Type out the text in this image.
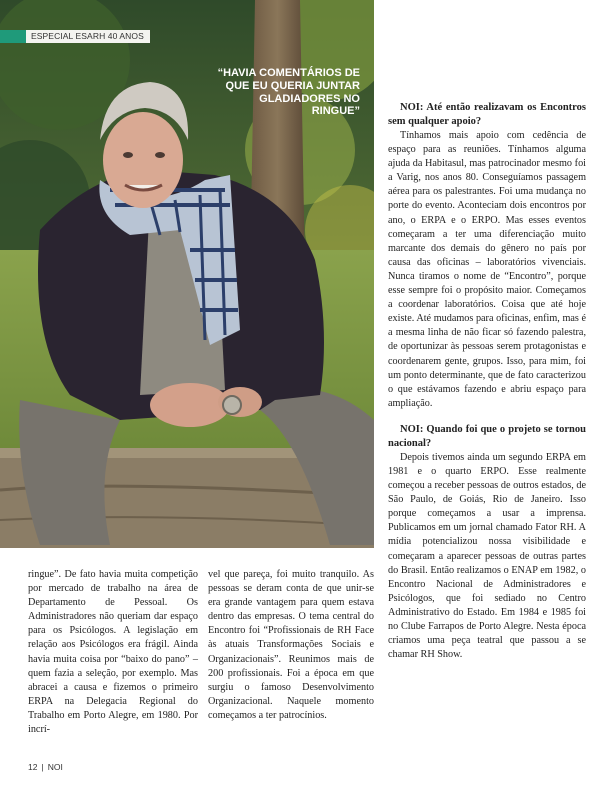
ESPECIAL ESARH 40 ANOS
“HAVIA COMENTÁRIOS DE QUE EU QUERIA JUNTAR GLADIADORES NO RINGUE”	NOI: Até então realizavam os Encontros sem qualquer apoio?

Tínhamos mais apoio com cedência de espaço para as reuniões. Tínhamos alguma ajuda da Habitasul, mas patrocinador mesmo foi a Varig, nos anos 80. Conseguíamos passagem aérea para os palestrantes. Foi uma mudança no porte do evento. Aconteciam dois encontros por ano, o ERPA e o ERPO. Mas esses eventos começaram a ter uma diferenciação muito marcante dos demais do gênero no país por causa das oficinas – laboratórios vivenciais. Nunca tiramos o nome de “Encontro”, porque esse sempre foi o propósito maior. Começamos a coordenar laboratórios. Coisa que até hoje existe. Até mudamos para oficinas, enfim, mas é a mesma linha de não ficar só fazendo palestra, de oportunizar às pessoas serem protagonistas e coordenarem gente, grupos. Isso, para mim, foi um ponto determinante, que de fato caracterizou o que estávamos fazendo e abriu espaço para ampliação.

NOI: Quando foi que o projeto se tornou nacional?

Depois tivemos ainda um segundo ERPA em 1981 e o quarto ERPO. Esse realmente começou a receber pessoas de outros estados, de São Paulo, de Goiás, Rio de Janeiro. Isso porque começamos a usar a imprensa. Publicamos em um jornal chamado Fator RH. A mídia potencializou nossa visibilidade e começaram a aparecer pessoas de outras partes do Brasil. Então realizamos o ENAP em 1982, o Encontro Nacional de Administradores e Psicólogos, que foi sediado no Centro Administrativo do Estado. Em 1984 e 1985 foi no Clube Farrapos de Porto Alegre. Nesta época criamos uma peça teatral que passou a se chamar RH Show.

ringue”. De fato havia muita competição por mercado de trabalho na área de Departamento de Pessoal. Os Administradores não queriam dar espaço para os Psicólogos. A legislação em relação aos Psicólogos era frágil. Ainda havia muita coisa por “baixo do pano” – quem fazia a seleção, por exemplo. Mas abracei a causa e fizemos o primeiro ERPA na Delegacia Regional do Trabalho em Porto Alegre, em 1980. Por incrí-

vel que pareça, foi muito tranquilo. As pessoas se deram conta de que unir-se era grande vantagem para quem estava dentro das empresas. O tema central do Encontro foi “Profissionais de RH Face às atuais Transformações Sociais e Organizacionais”. Reunimos mais de 200 profissionais. Foi a época em que surgiu o famoso Desenvolvimento Organizacional. Naquele momento começamos a ter patrocínios.

12 | NOI
